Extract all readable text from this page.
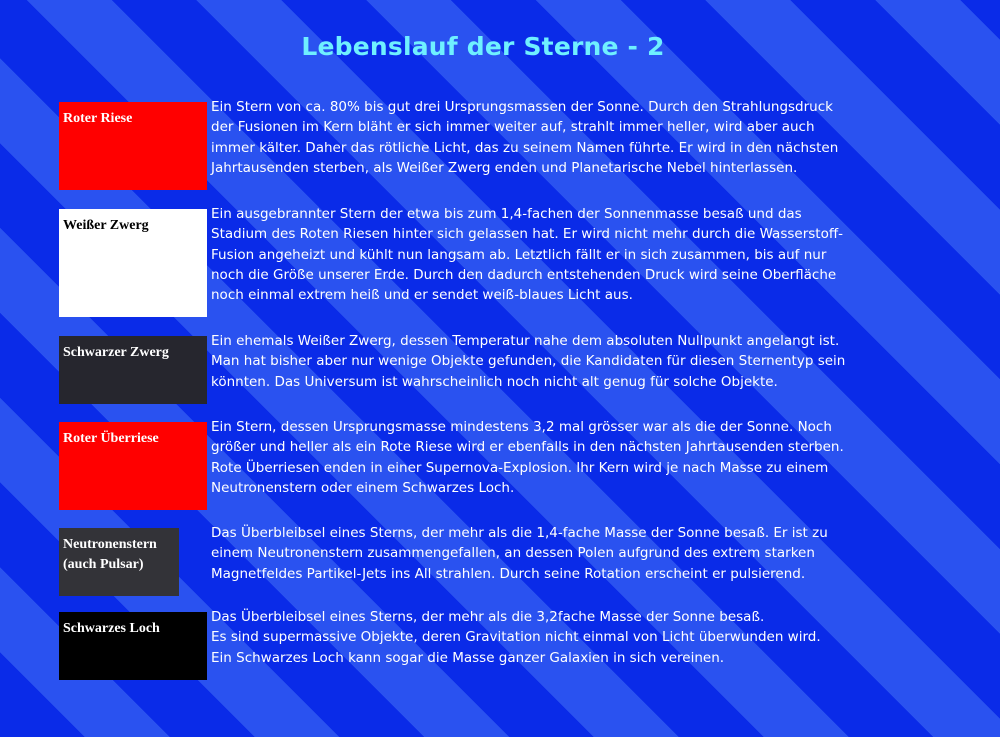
Lebenslauf der Sterne - 2
Roter Riese
Ein Stern von ca. 80% bis gut drei Ursprungsmassen der Sonne. Durch den Strahlungsdruck
der Fusionen im Kern bläht er sich immer weiter auf, strahlt immer heller, wird aber auch
immer kälter. Daher das rötliche Licht, das zu seinem Namen führte. Er wird in den nächsten
Jahrtausenden sterben, als Weißer Zwerg enden und Planetarische Nebel hinterlassen.
Weißer Zwerg
Ein ausgebrannter Stern der etwa bis zum 1,4-fachen der Sonnenmasse besaß und das
Stadium des Roten Riesen hinter sich gelassen hat. Er wird nicht mehr durch die Wasserstoff-
Fusion angeheizt und kühlt nun langsam ab. Letztlich fällt er in sich zusammen, bis auf nur
noch die Größe unserer Erde. Durch den dadurch entstehenden Druck wird seine Oberfläche
noch einmal extrem heiß und er sendet weiß-blaues Licht aus.
Schwarzer Zwerg
Ein ehemals Weißer Zwerg, dessen Temperatur nahe dem absoluten Nullpunkt angelangt ist.
Man hat bisher aber nur wenige Objekte gefunden, die Kandidaten für diesen Sternentyp sein
könnten. Das Universum ist wahrscheinlich noch nicht alt genug für solche Objekte.
Roter Überriese
Ein Stern, dessen Ursprungsmasse mindestens 3,2 mal grösser war als die der Sonne. Noch
größer und heller als ein Rote Riese wird er ebenfalls in den nächsten Jahrtausenden sterben.
Rote Überriesen enden in einer Supernova-Explosion. Ihr Kern wird je nach Masse zu einem
Neutronenstern oder einem Schwarzes Loch.
Neutronenstern (auch Pulsar)
Das Überbleibsel eines Sterns, der mehr als die 1,4-fache Masse der Sonne besaß. Er ist zu
einem Neutronenstern zusammengefallen, an dessen Polen aufgrund des extrem starken
Magnetfeldes Partikel-Jets ins All strahlen. Durch seine Rotation erscheint er pulsierend.
Schwarzes Loch
Das Überbleibsel eines Sterns, der mehr als die 3,2fache Masse der Sonne besaß.
Es sind supermassive Objekte, deren Gravitation nicht einmal von Licht überwunden wird.
Ein Schwarzes Loch kann sogar die Masse ganzer Galaxien in sich vereinen.
